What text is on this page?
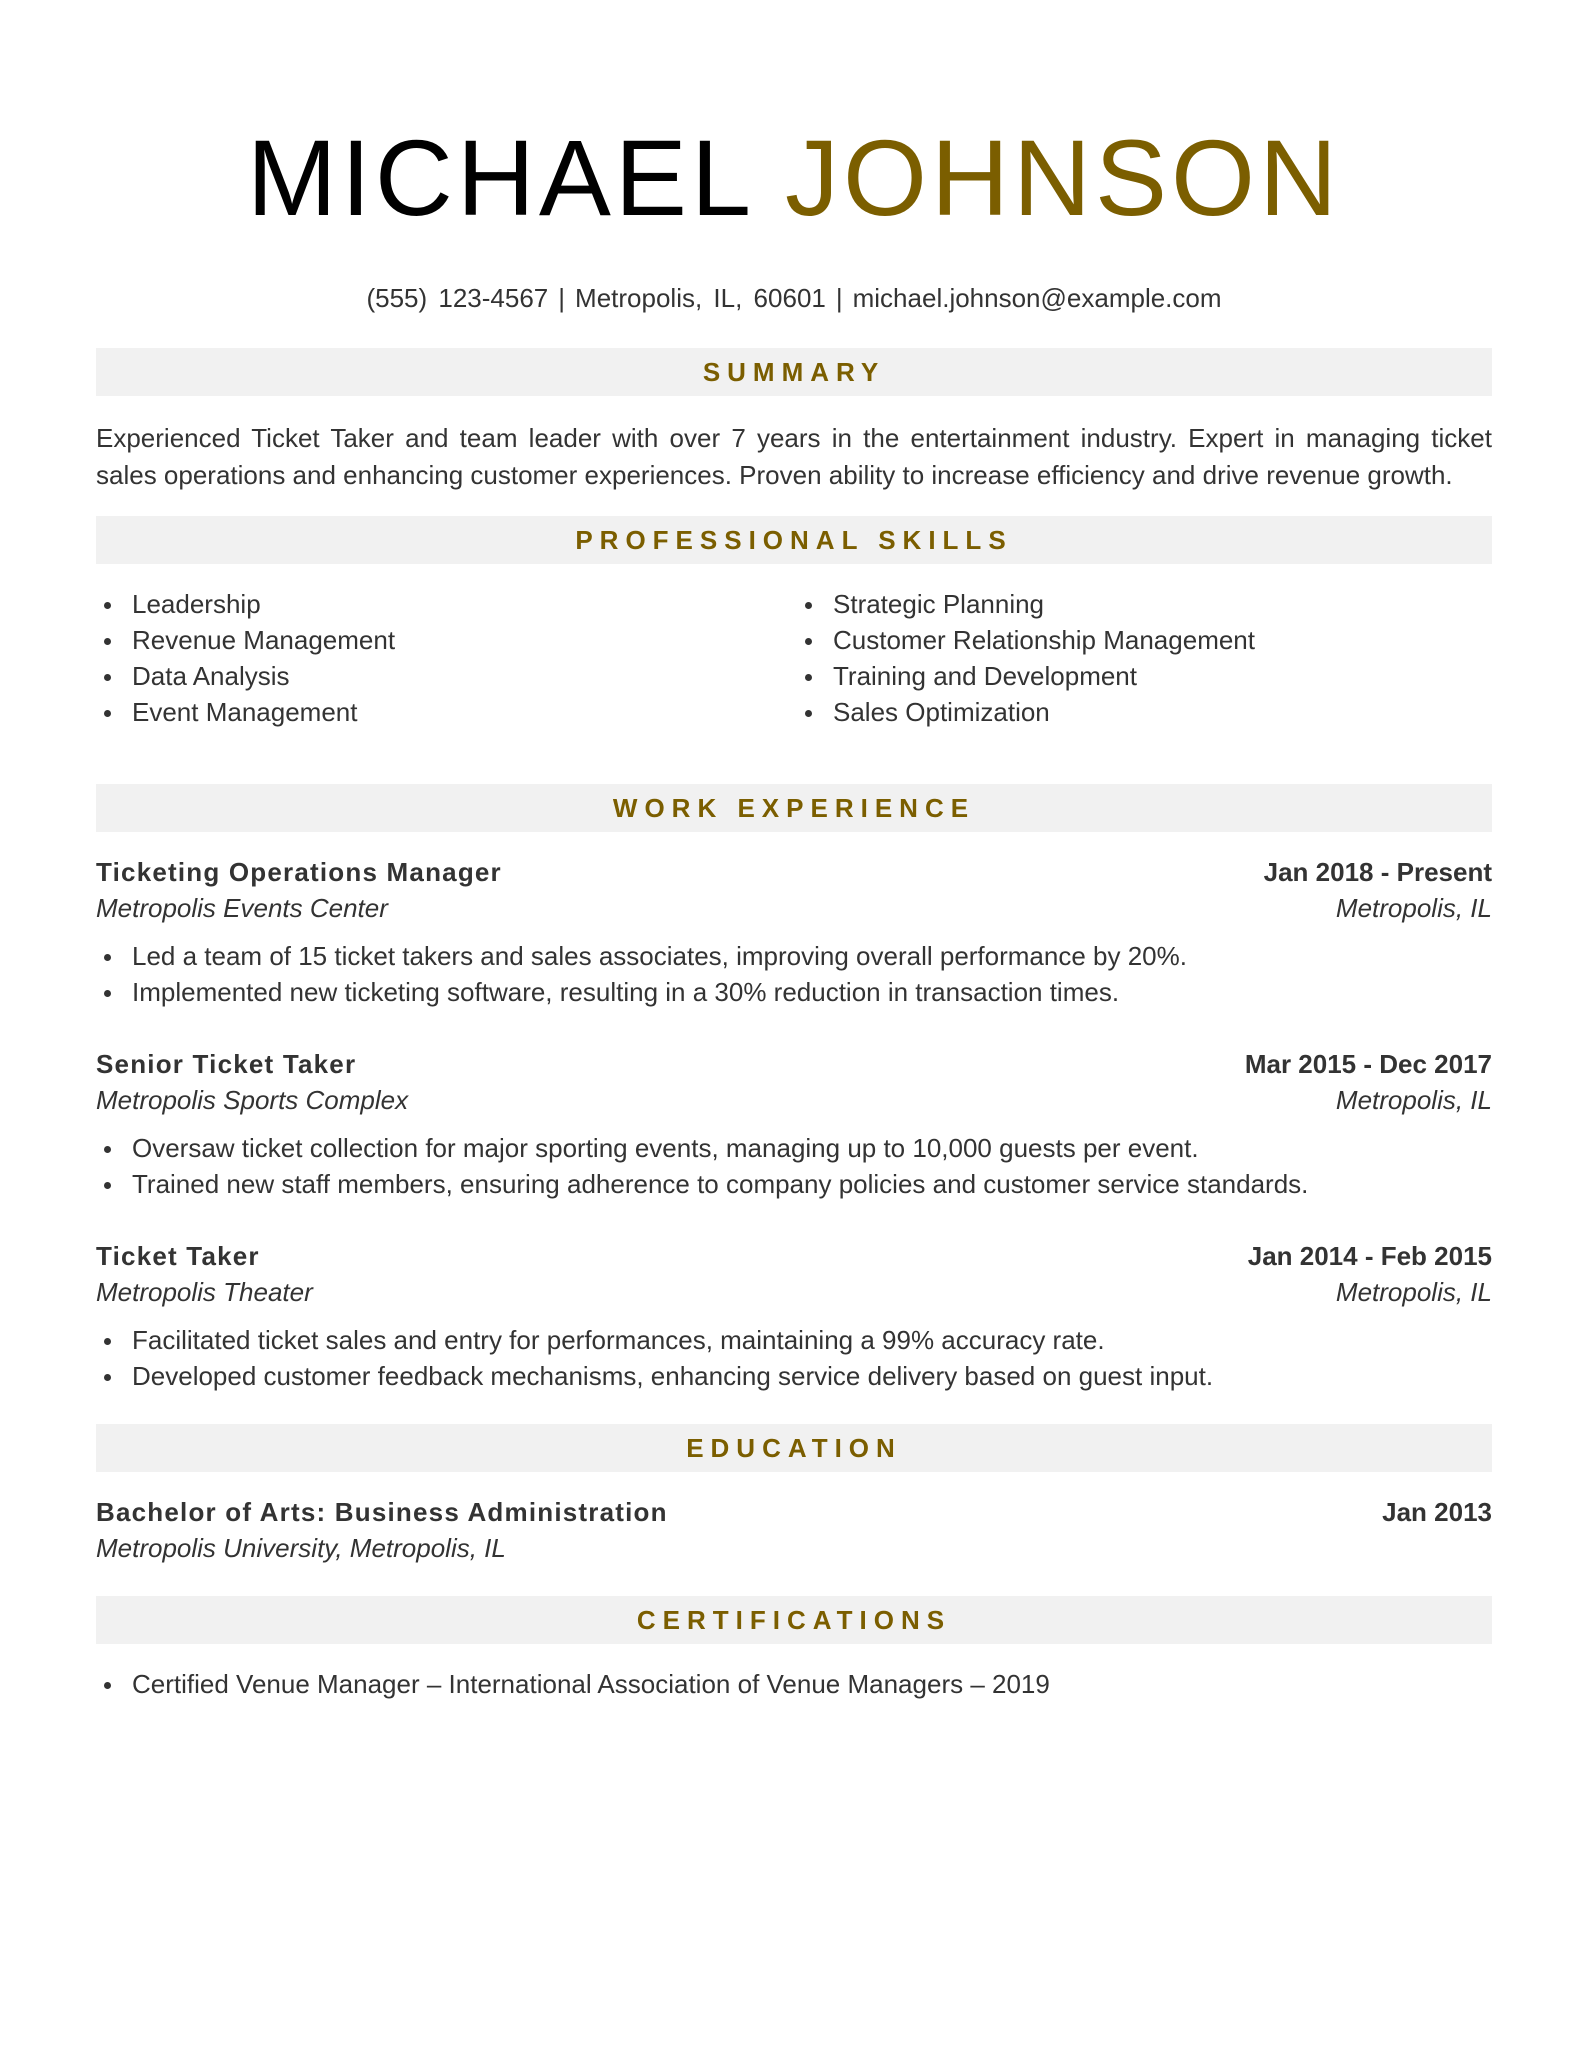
MICHAEL JOHNSON
(555) 123-4567 | Metropolis, IL, 60601 | michael.johnson@example.com
SUMMARY

Experienced Ticket Taker and team leader with over 7 years in the entertainment industry. Expert in managing ticket sales operations and enhancing customer experiences. Proven ability to increase efficiency and drive revenue growth.

PROFESSIONAL SKILLS
Leadership
Revenue Management
Data Analysis
Event Management
Strategic Planning
Customer Relationship Management
Training and Development
Sales Optimization
WORK EXPERIENCE
Ticketing Operations Manager	Jan 2018 - Present
Metropolis Events Center	Metropolis, IL
Led a team of 15 ticket takers and sales associates, improving overall performance by 20%.
Implemented new ticketing software, resulting in a 30% reduction in transaction times.
Senior Ticket Taker	Mar 2015 - Dec 2017
Metropolis Sports Complex	Metropolis, IL
Oversaw ticket collection for major sporting events, managing up to 10,000 guests per event.
Trained new staff members, ensuring adherence to company policies and customer service standards.
Ticket Taker	Jan 2014 - Feb 2015
Metropolis Theater	Metropolis, IL
Facilitated ticket sales and entry for performances, maintaining a 99% accuracy rate.
Developed customer feedback mechanisms, enhancing service delivery based on guest input.
EDUCATION
Bachelor of Arts: Business Administration	Jan 2013
Metropolis University, Metropolis, IL
CERTIFICATIONS
Certified Venue Manager – International Association of Venue Managers – 2019
